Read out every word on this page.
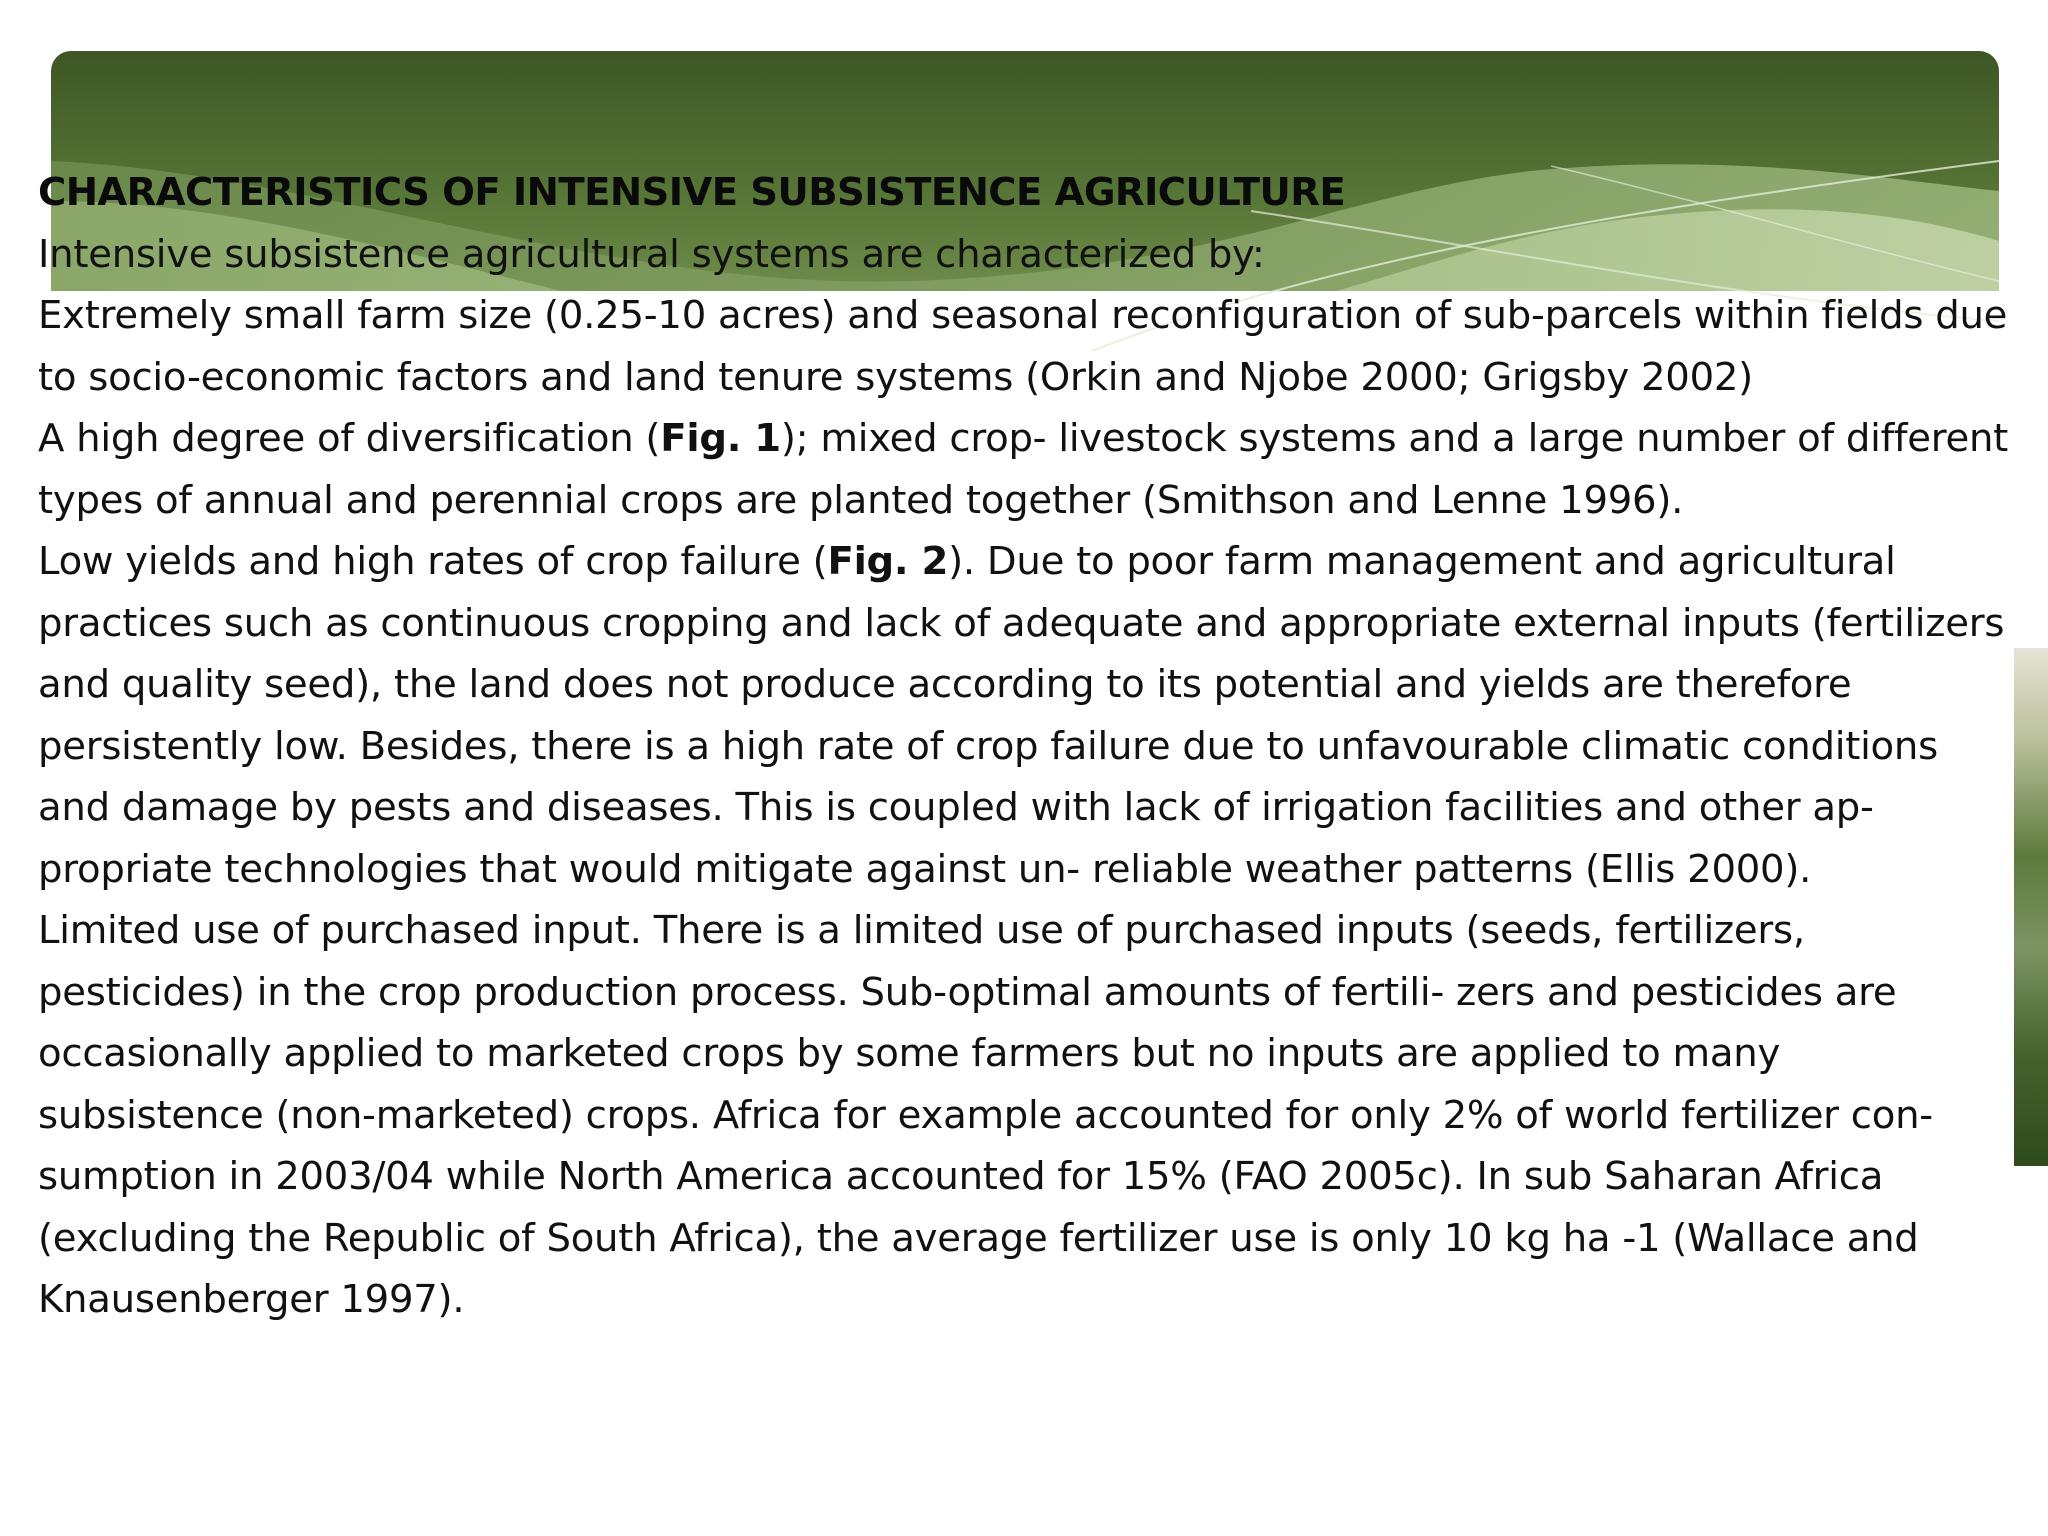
CHARACTERISTICS OF INTENSIVE SUBSISTENCE AGRICULTURE

Intensive subsistence agricultural systems are characterized by:

Extremely small farm size (0.25-10 acres) and seasonal reconfiguration of sub-parcels within fields due to socio-economic factors and land tenure systems (Orkin and Njobe 2000; Grigsby 2002)

A high degree of diversification (Fig. 1); mixed crop- livestock systems and a large number of different types of annual and perennial crops are planted together (Smithson and Lenne 1996).

Low yields and high rates of crop failure (Fig. 2). Due to poor farm management and agricultural practices such as continuous cropping and lack of adequate and appropriate external inputs (fertilizers and quality seed), the land does not produce according to its potential and yields are therefore persistently low. Besides, there is a high rate of crop failure due to unfavourable climatic conditions and damage by pests and diseases. This is coupled with lack of irrigation facilities and other ap- propriate technologies that would mitigate against un- reliable weather patterns (Ellis 2000).

Limited use of purchased input. There is a limited use of purchased inputs (seeds, fertilizers, pesticides) in the crop production process. Sub-optimal amounts of fertili- zers and pesticides are occasionally applied to marketed crops by some farmers but no inputs are applied to many subsistence (non-marketed) crops. Africa for example accounted for only 2% of world fertilizer con- sumption in 2003/04 while North America accounted for 15% (FAO 2005c). In sub Saharan Africa (excluding the Republic of South Africa), the average fertilizer use is only 10 kg ha -1 (Wallace and Knausenberger 1997).
